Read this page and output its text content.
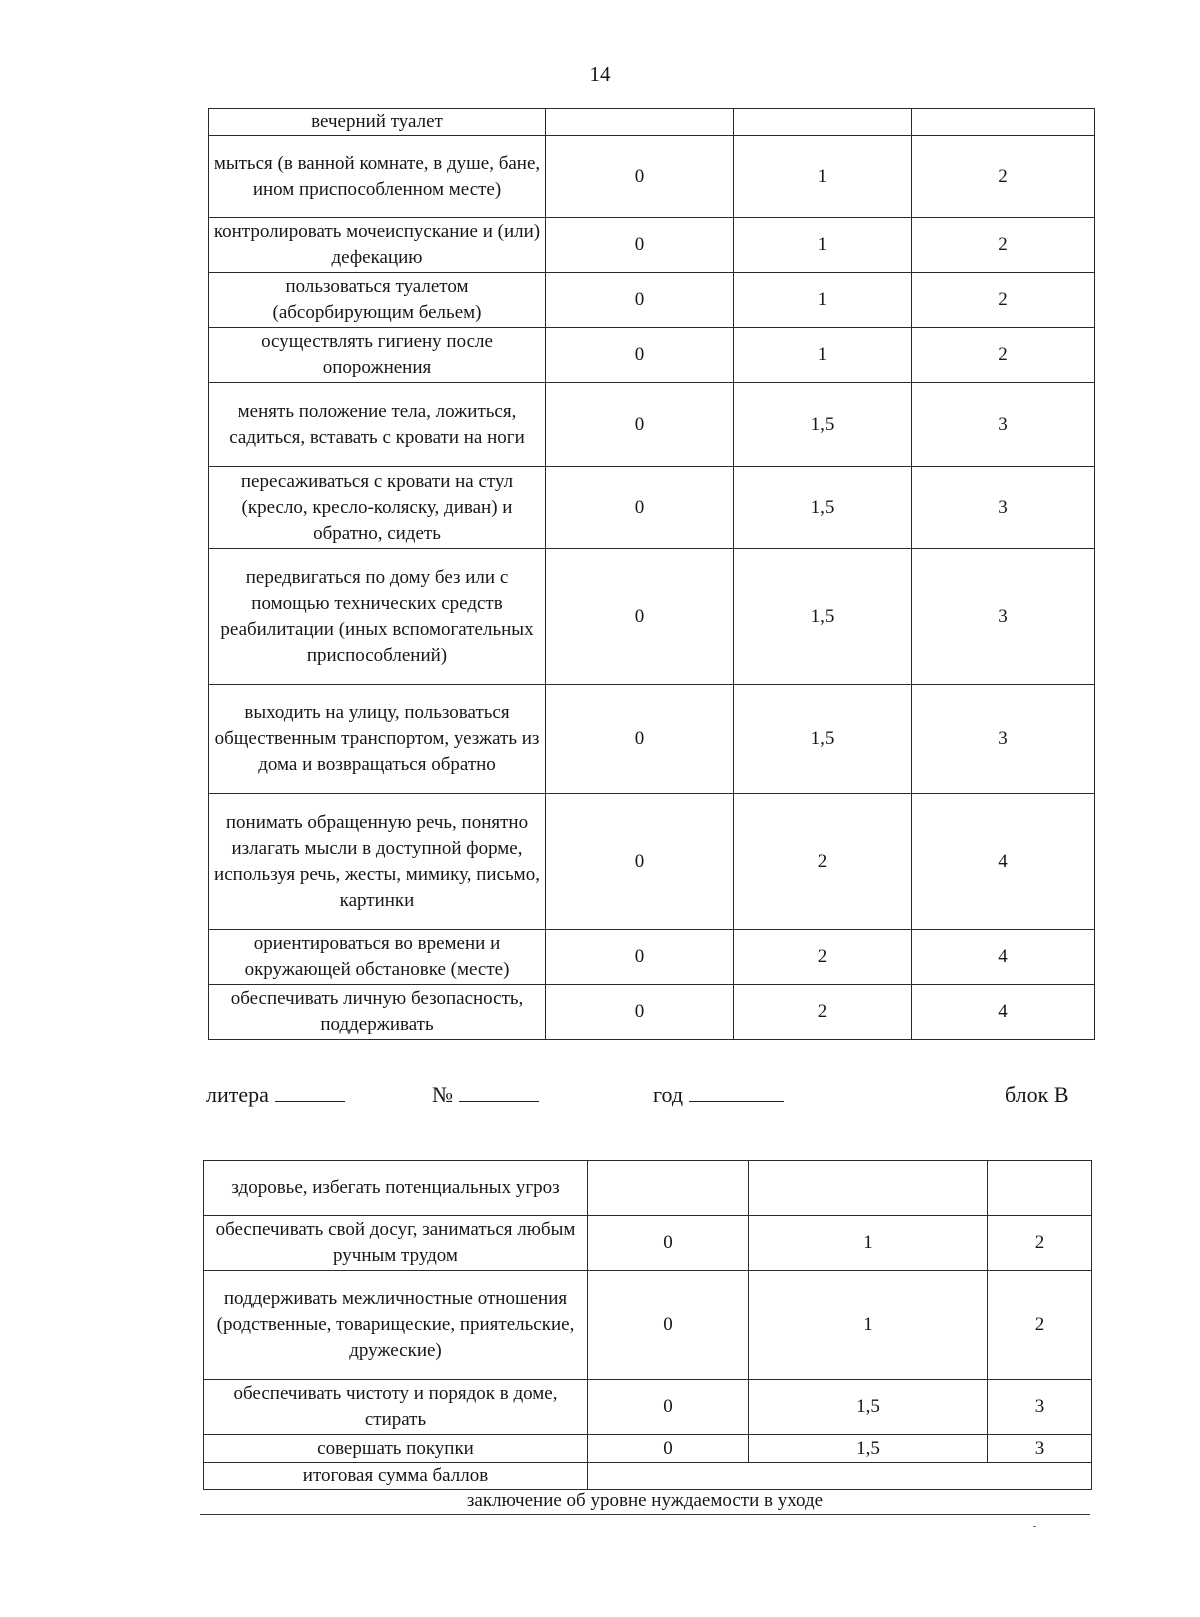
14
вечерний туалет			
мыться (в ванной комнате, в душе, бане, ином приспособленном месте)	0	1	2
контролировать мочеиспускание и (или) дефекацию	0	1	2
пользоваться туалетом (абсорбирующим бельем)	0	1	2
осуществлять гигиену после опорожнения	0	1	2
менять положение тела, ложиться, садиться, вставать с кровати на ноги	0	1,5	3
пересаживаться с кровати на стул (кресло, кресло-коляску, диван) и обратно, сидеть	0	1,5	3
передвигаться по дому без или с помощью технических средств реабилитации (иных вспомогательных приспособлений)	0	1,5	3
выходить на улицу, пользоваться общественным транспортом, уезжать из дома и возвращаться обратно	0	1,5	3
понимать обращенную речь, понятно излагать мысли в доступной форме, используя речь, жесты, мимику, письмо, картинки	0	2	4
ориентироваться во времени и окружающей обстановке (месте)	0	2	4
обеспечивать личную безопасность, поддерживать	0	2	4
литера	№	год	блок В
здоровье, избегать потенциальных угроз			
обеспечивать свой досуг, заниматься любым ручным трудом	0	1	2
поддерживать межличностные отношения (родственные, товарищеские, приятельские, дружеские)	0	1	2
обеспечивать чистоту и порядок в доме, стирать	0	1,5	3
совершать покупки	0	1,5	3
итоговая сумма баллов			
заключение об уровне нуждаемости в уходе
